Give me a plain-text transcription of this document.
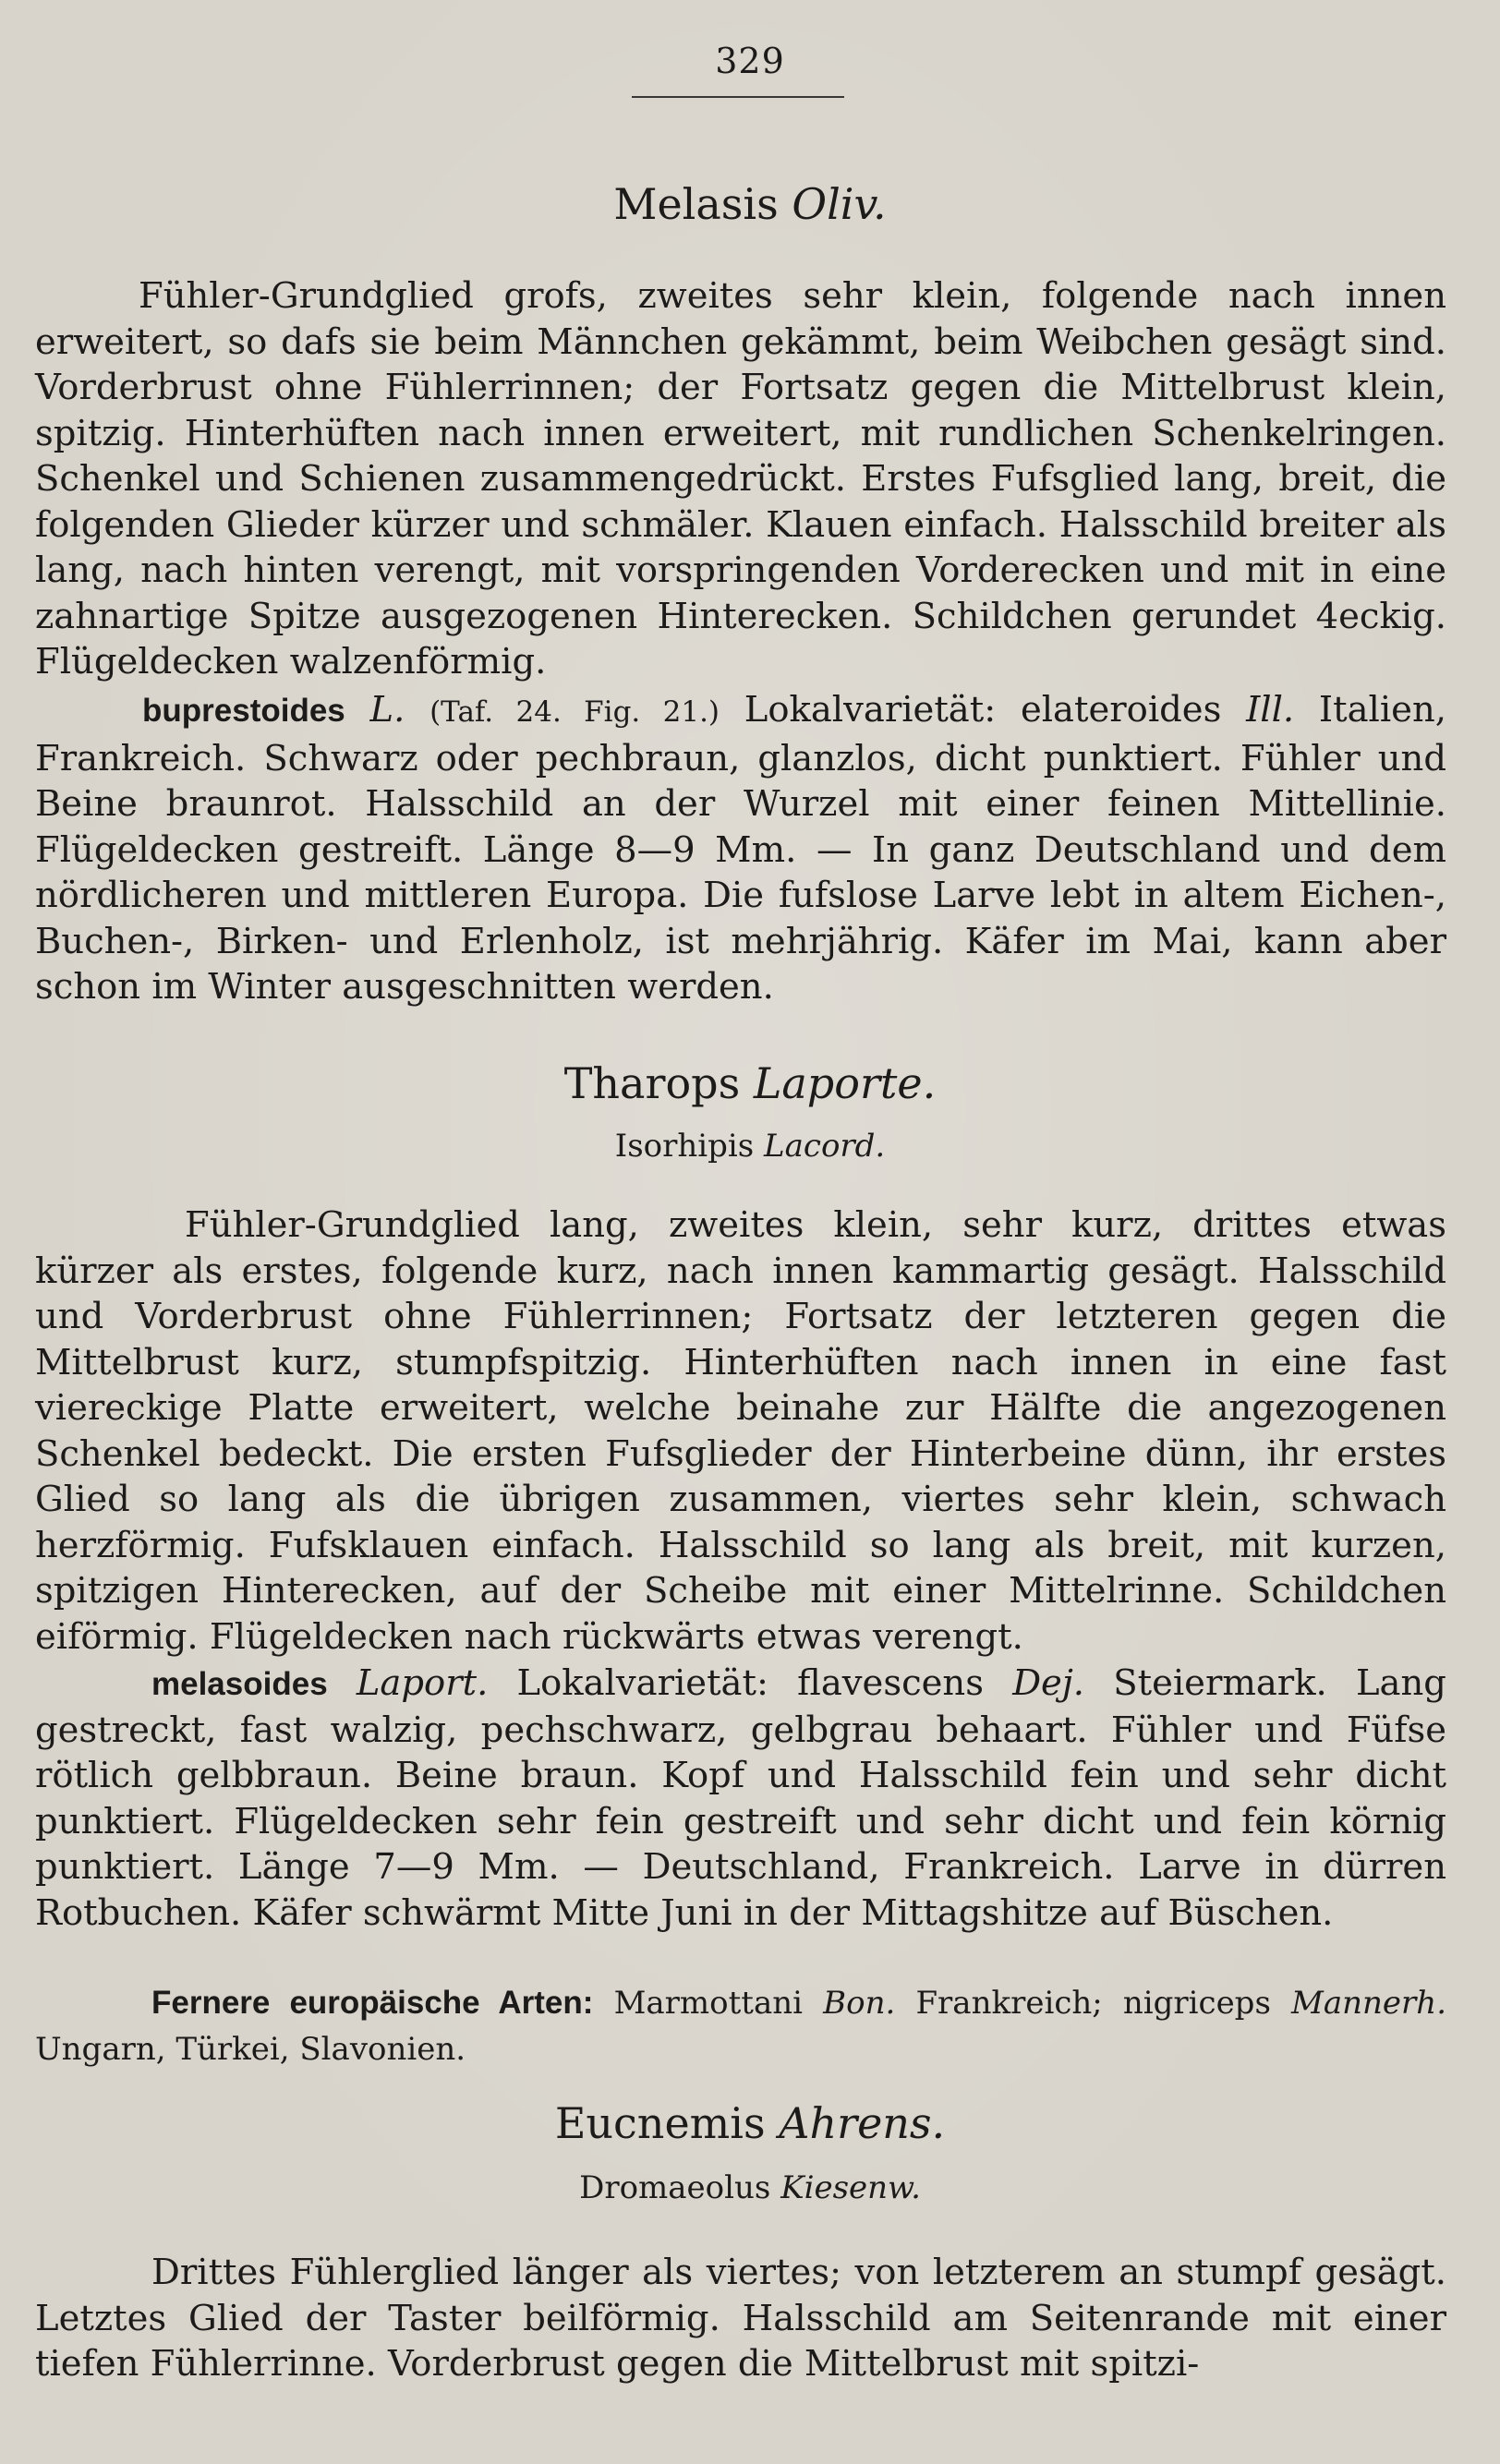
329
Melasis Oliv.
Fühler-Grundglied grofs, zweites sehr klein, folgende nach innen erweitert, so dafs sie beim Männchen gekämmt, beim Weibchen gesägt sind. Vorderbrust ohne Fühlerrinnen; der Fortsatz gegen die Mittelbrust klein, spitzig. Hinterhüften nach innen erweitert, mit rundlichen Schenkelringen. Schenkel und Schienen zusammengedrückt. Erstes Fufsglied lang, breit, die folgenden Glieder kürzer und schmäler. Klauen einfach. Halsschild breiter als lang, nach hinten verengt, mit vorspringenden Vorderecken und mit in eine zahnartige Spitze ausgezogenen Hinterecken. Schildchen gerundet 4eckig. Flügeldecken walzenförmig.
buprestoides L. (Taf. 24. Fig. 21.) Lokalvarietät: elateroides Ill. Italien, Frankreich. Schwarz oder pechbraun, glanzlos, dicht punktiert. Fühler und Beine braunrot. Halsschild an der Wurzel mit einer feinen Mittellinie. Flügeldecken gestreift. Länge 8—9 Mm. — In ganz Deutschland und dem nördlicheren und mittleren Europa. Die fufslose Larve lebt in altem Eichen-, Buchen-, Birken- und Erlenholz, ist mehrjährig. Käfer im Mai, kann aber schon im Winter ausgeschnitten werden.
Tharops Laporte.
Isorhipis Lacord.
Fühler-Grundglied lang, zweites klein, sehr kurz, drittes etwas kürzer als erstes, folgende kurz, nach innen kammartig gesägt. Halsschild und Vorderbrust ohne Fühlerrinnen; Fortsatz der letzteren gegen die Mittelbrust kurz, stumpfspitzig. Hinterhüften nach innen in eine fast viereckige Platte erweitert, welche beinahe zur Hälfte die angezogenen Schenkel bedeckt. Die ersten Fufsglieder der Hinterbeine dünn, ihr erstes Glied so lang als die übrigen zusammen, viertes sehr klein, schwach herzförmig. Fufsklauen einfach. Halsschild so lang als breit, mit kurzen, spitzigen Hinterecken, auf der Scheibe mit einer Mittelrinne. Schildchen eiförmig. Flügeldecken nach rückwärts etwas verengt.
melasoides Laport. Lokalvarietät: flavescens Dej. Steiermark. Lang gestreckt, fast walzig, pechschwarz, gelbgrau behaart. Fühler und Füfse rötlich gelbbraun. Beine braun. Kopf und Halsschild fein und sehr dicht punktiert. Flügeldecken sehr fein gestreift und sehr dicht und fein körnig punktiert. Länge 7—9 Mm. — Deutschland, Frankreich. Larve in dürren Rotbuchen. Käfer schwärmt Mitte Juni in der Mittagshitze auf Büschen.
Fernere europäische Arten: Marmottani Bon. Frankreich; nigriceps Mannerh. Ungarn, Türkei, Slavonien.
Eucnemis Ahrens.
Dromaeolus Kiesenw.
Drittes Fühlerglied länger als viertes; von letzterem an stumpf gesägt. Letztes Glied der Taster beilförmig. Halsschild am Seitenrande mit einer tiefen Fühlerrinne. Vorderbrust gegen die Mittelbrust mit spitzi-
